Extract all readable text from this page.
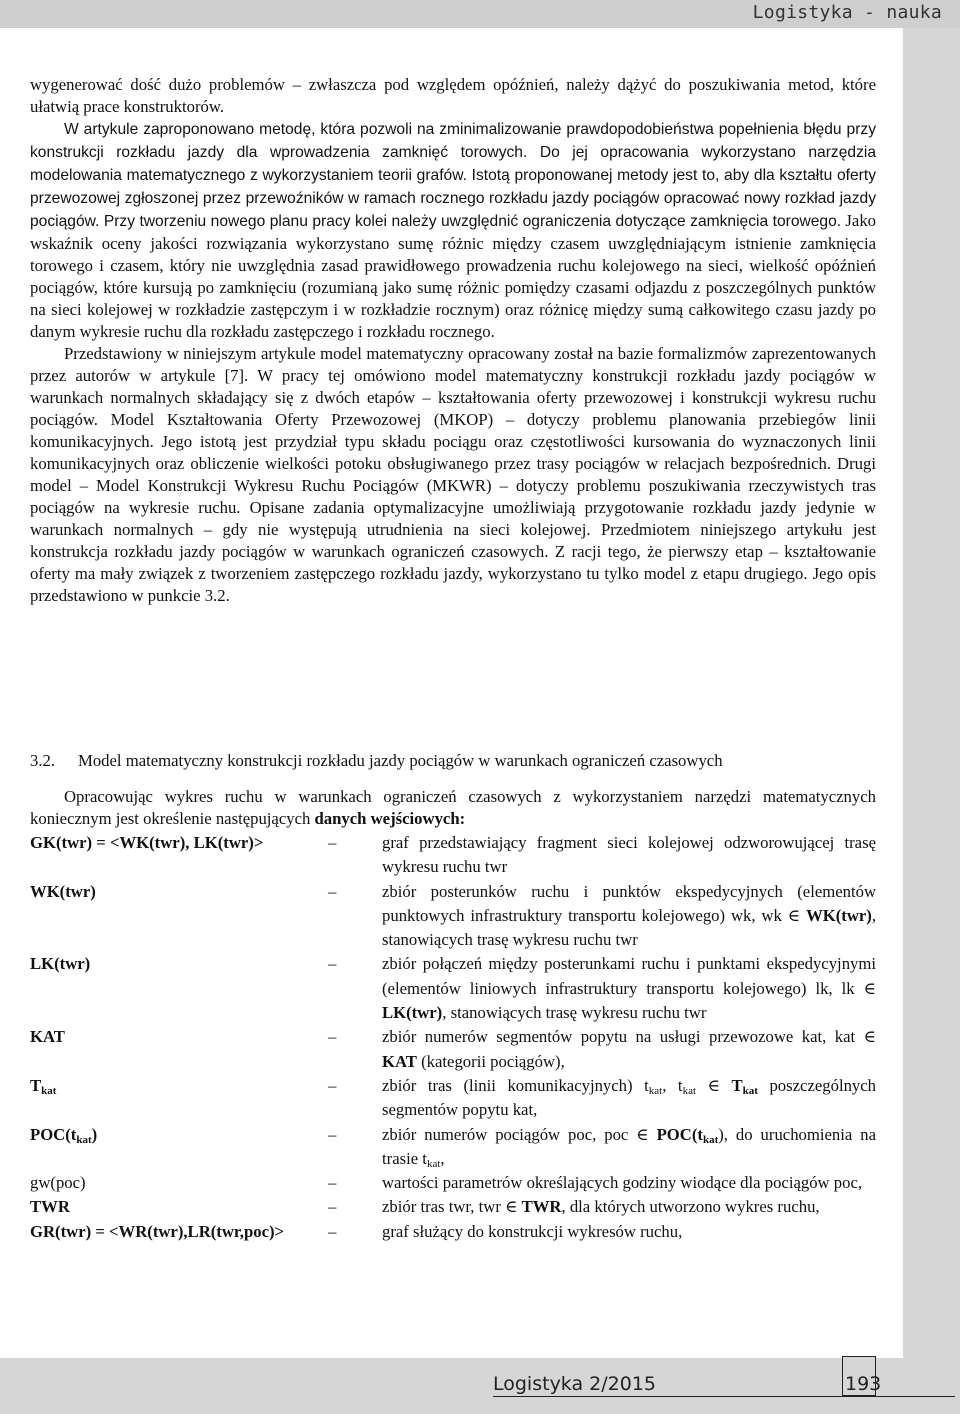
Logistyka - nauka

wygenerować dość dużo problemów – zwłaszcza pod względem opóźnień, należy dążyć do poszukiwania metod, które ułatwią prace konstruktorów.

W artykule zaproponowano metodę, która pozwoli na zminimalizowanie prawdopodobieństwa popełnienia błędu przy konstrukcji rozkładu jazdy dla wprowadzenia zamknięć torowych. Do jej opracowania wykorzystano narzędzia modelowania matematycznego z wykorzystaniem teorii grafów. Istotą proponowanej metody jest to, aby dla kształtu oferty przewozowej zgłoszonej przez przewoźników w ramach rocznego rozkładu jazdy pociągów opracować nowy rozkład jazdy pociągów. Przy tworzeniu nowego planu pracy kolei należy uwzględnić ograniczenia dotyczące zamknięcia torowego. Jako wskaźnik oceny jakości rozwiązania wykorzystano sumę różnic między czasem uwzględniającym istnienie zamknięcia torowego i czasem, który nie uwzględnia zasad prawidłowego prowadzenia ruchu kolejowego na sieci, wielkość opóźnień pociągów, które kursują po zamknięciu (rozumianą jako sumę różnic pomiędzy czasami odjazdu z poszczególnych punktów na sieci kolejowej w rozkładzie zastępczym i w rozkładzie rocznym) oraz różnicę między sumą całkowitego czasu jazdy po danym wykresie ruchu dla rozkładu zastępczego i rozkładu rocznego.

Przedstawiony w niniejszym artykule model matematyczny opracowany został na bazie formalizmów zaprezentowanych przez autorów w artykule [7]. W pracy tej omówiono model matematyczny konstrukcji rozkładu jazdy pociągów w warunkach normalnych składający się z dwóch etapów – kształtowania oferty przewozowej i konstrukcji wykresu ruchu pociągów. Model Kształtowania Oferty Przewozowej (MKOP) – dotyczy problemu planowania przebiegów linii komunikacyjnych. Jego istotą jest przydział typu składu pociągu oraz częstotliwości kursowania do wyznaczonych linii komunikacyjnych oraz obliczenie wielkości potoku obsługiwanego przez trasy pociągów w relacjach bezpośrednich. Drugi model – Model Konstrukcji Wykresu Ruchu Pociągów (MKWR) – dotyczy problemu poszukiwania rzeczywistych tras pociągów na wykresie ruchu. Opisane zadania optymalizacyjne umożliwiają przygotowanie rozkładu jazdy jedynie w warunkach normalnych – gdy nie występują utrudnienia na sieci kolejowej. Przedmiotem niniejszego artykułu jest konstrukcja rozkładu jazdy pociągów w warunkach ograniczeń czasowych. Z racji tego, że pierwszy etap – kształtowanie oferty ma mały związek z tworzeniem zastępczego rozkładu jazdy, wykorzystano tu tylko model z etapu drugiego. Jego opis przedstawiono w punkcie 3.2.

3.2. Model matematyczny konstrukcji rozkładu jazdy pociągów w warunkach ograniczeń czasowych

Opracowując wykres ruchu w warunkach ograniczeń czasowych z wykorzystaniem narzędzi matematycznych koniecznym jest określenie następujących danych wejściowych:

GK(twr) = <WK(twr), LK(twr)>	–	graf przedstawiający fragment sieci kolejowej odzworowującej trasę wykresu ruchu twr
WK(twr)	–	zbiór posterunków ruchu i punktów ekspedycyjnych (elementów punktowych infrastruktury transportu kolejowego) wk, wk ∈ WK(twr), stanowiących trasę wykresu ruchu twr
LK(twr)	–	zbiór połączeń między posterunkami ruchu i punktami ekspedycyjnymi (elementów liniowych infrastruktury transportu kolejowego) lk, lk ∈ LK(twr), stanowiących trasę wykresu ruchu twr
KAT	–	zbiór numerów segmentów popytu na usługi przewozowe kat, kat ∈ KAT (kategorii pociągów),
$T_{kat}$	–	zbiór tras (linii komunikacyjnych) $t_{kat}$, $t_{kat}$ ∈ $T_{kat}$ poszczególnych segmentów popytu kat,
$POC(t_{kat})$	–	zbiór numerów pociągów poc, poc ∈ $POC(t_{kat})$, do uruchomienia na trasie $t_{kat}$,
gw(poc)	–	wartości parametrów określających godziny wiodące dla pociągów poc,
TWR	–	zbiór tras twr, twr ∈ TWR, dla których utworzono wykres ruchu,
GR(twr) = <WR(twr),LR(twr,poc)>	–	graf służący do konstrukcji wykresów ruchu,
Logistyka 2/2015	193
